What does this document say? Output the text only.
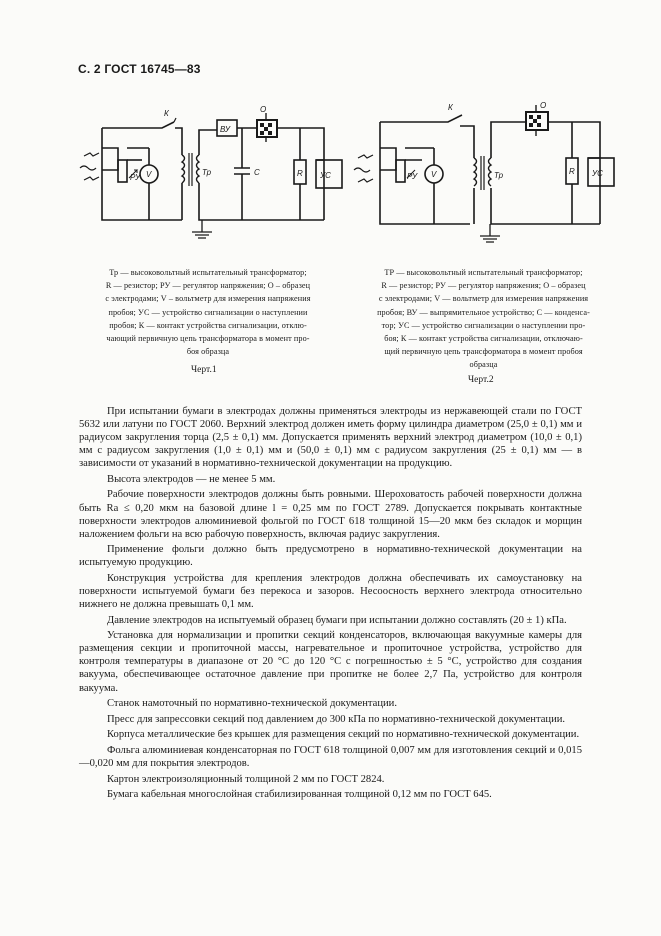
С. 2 ГОСТ 16745—83
РУ V
К
ВУ
О
Тр	С	R УС	РУ V
К	О
Тр	R УС
Тр — высоковольтный испытательный трансформатор;
R — резистор; РУ — регулятор напряжения; О – образец
с электродами; V – вольтметр для измерения напряжения
пробоя; УС — устройство сигнализации о наступлении
пробоя; К — контакт устройства сигнализации, отклю-
чающий первичную цепь трансформатора в момент про-
боя образца
Черт.1
ТР — высоковольтный испытательный трансформатор;
R — резистор; РУ — регулятор напряжения; О – образец
с электродами; V — вольтметр для измерения напряжения
пробоя; ВУ — выпрямительное устройство; С — конденса-
тор; УС — устройство сигнализации о наступлении про-
боя; К — контакт устройства сигнализации, отключаю-
щий первичную цепь трансформатора в момент пробоя
образца
Черт.2

При испытании бумаги в электродах должны применяться электроды из нержавеющей стали по ГОСТ 5632 или латуни по ГОСТ 2060. Верхний электрод должен иметь форму цилиндра диаметром (25,0 ± 0,1) мм и радиусом закругления торца (2,5 ± 0,1) мм. Допускается применять верхний электрод диаметром (10,0 ± 0,1) мм с радиусом закругления (1,0 ± 0,1) мм и (50,0 ± 0,1) мм с радиусом закругления (25 ± 0,1) мм — в зависимости от указаний в нормативно-технической документации на продукцию.

Высота электродов — не менее 5 мм.

Рабочие поверхности электродов должны быть ровными. Шероховатость рабочей поверхности должна быть Ra ≤ 0,20 мкм на базовой длине l = 0,25 мм по ГОСТ 2789. Допускается покрывать контактные поверхности электродов алюминиевой фольгой по ГОСТ 618 толщиной 15—20 мкм без складок и морщин наложением фольги на всю рабочую поверхность, включая радиус закругления.

Применение фольги должно быть предусмотрено в нормативно-технической документации на испытуемую продукцию.

Конструкция устройства для крепления электродов должна обеспечивать их самоустановку на поверхности испытуемой бумаги без перекоса и зазоров. Несоосность верхнего электрода относительно нижнего не должна превышать 0,1 мм.

Давление электродов на испытуемый образец бумаги при испытании должно составлять (20 ± 1) кПа.

Установка для нормализации и пропитки секций конденсаторов, включающая вакуумные камеры для размещения секции и пропиточной массы, нагревательное и пропиточное устройства, устройство для контроля температуры в диапазоне от 20 °С до 120 °С с погрешностью ± 5 °С, устройство для создания вакуума, обеспечивающее остаточное давление при пропитке не более 2,7 Па, устройство для контроля вакуума.

Станок намоточный по нормативно-технической документации.

Пресс для запрессовки секций под давлением до 300 кПа по нормативно-технической документации.

Корпуса металлические без крышек для размещения секций по нормативно-технической документации.

Фольга алюминиевая конденсаторная по ГОСТ 618 толщиной 0,007 мм для изготовления секций и 0,015—0,020 мм для покрытия электродов.

Картон электроизоляционный толщиной 2 мм по ГОСТ 2824.

Бумага кабельная многослойная стабилизированная толщиной 0,12 мм по ГОСТ 645.
